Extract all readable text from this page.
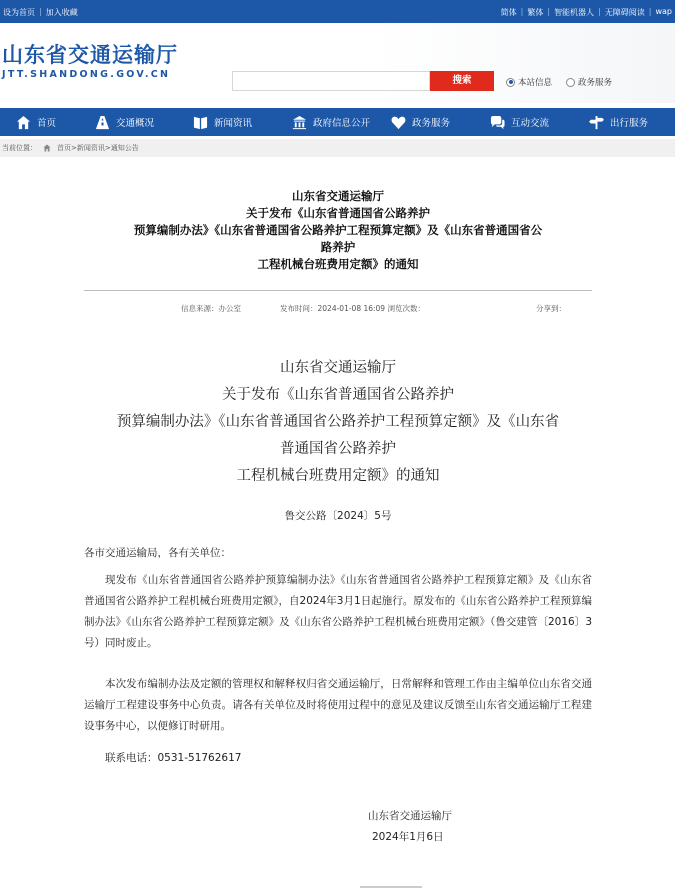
设为首页 | 加入收藏	简体 | 繁体 | 智能机器人 | 无障碍阅读 | wap
山东省交通运输厅
JTT.SHANDONG.GOV.CN
搜索	本站信息	政务服务
首页	交通概况	新闻资讯	政府信息公开	政务服务	互动交流	出行服务
当前位置：	首页>新闻资讯>通知公告
山东省交通运输厅
关于发布《山东省普通国省公路养护
预算编制办法》《山东省普通国省公路养护工程预算定额》及《山东省普通国省公
路养护
工程机械台班费用定额》的通知
信息来源：办公室	发布时间：2024-01-08 16:09 浏览次数：	分享到：
山东省交通运输厅
关于发布《山东省普通国省公路养护
预算编制办法》《山东省普通国省公路养护工程预算定额》及《山东省
普通国省公路养护
工程机械台班费用定额》的通知
鲁交公路〔2024〕5号
各市交通运输局，各有关单位：
现发布《山东省普通国省公路养护预算编制办法》《山东省普通国省公路养护工程预算定额》及《山东省普通国省公路养护工程机械台班费用定额》，自2024年3月1日起施行。原发布的《山东省公路养护工程预算编制办法》《山东省公路养护工程预算定额》及《山东省公路养护工程机械台班费用定额》（鲁交建管〔2016〕3号）同时废止。
本次发布编制办法及定额的管理权和解释权归省交通运输厅，日常解释和管理工作由主编单位山东省交通运输厅工程建设事务中心负责。请各有关单位及时将使用过程中的意见及建议反馈至山东省交通运输厅工程建设事务中心，以便修订时研用。
联系电话：0531-51762617
山东省交通运输厅
2024年1月6日
